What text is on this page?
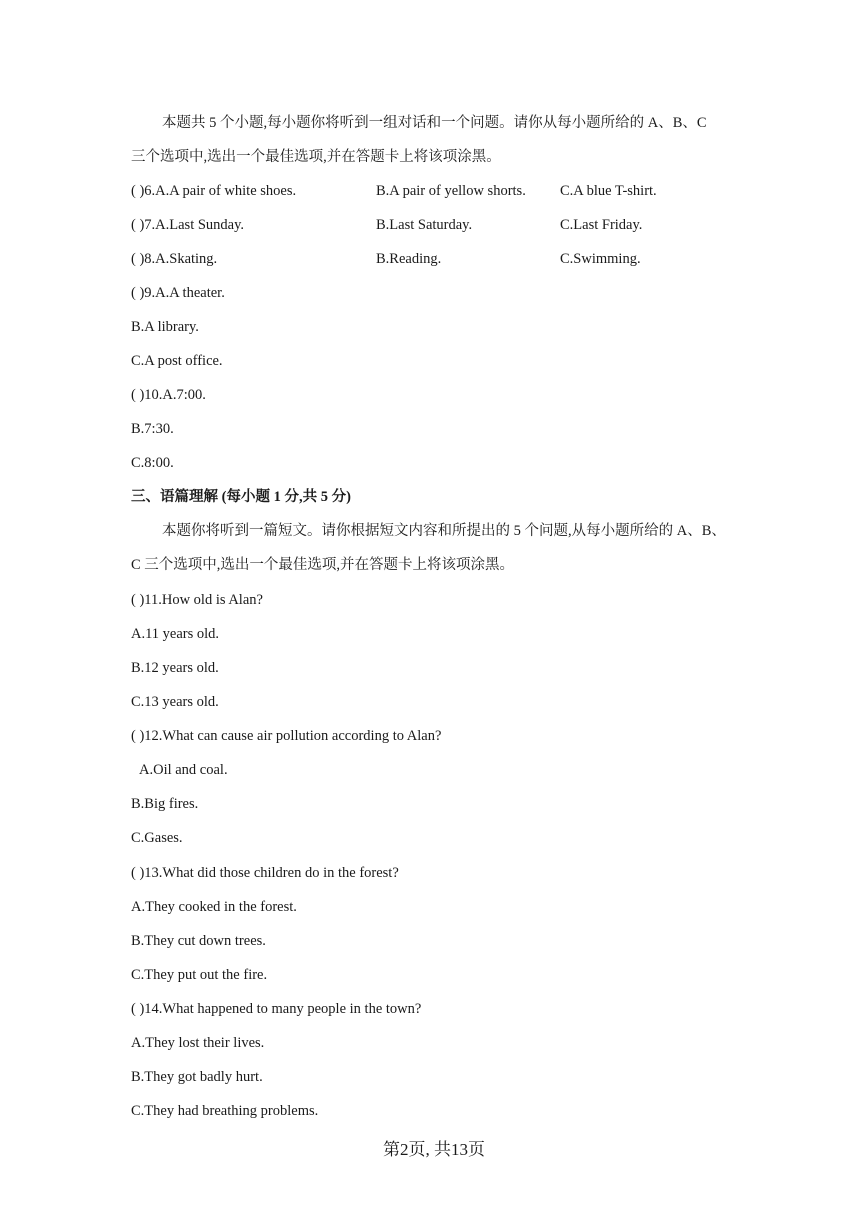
本题共 5 个小题,每小题你将听到一组对话和一个问题。请你从每小题所给的 A、B、C
三个选项中,选出一个最佳选项,并在答题卡上将该项涂黑。
( )6.A.A pair of white shoes.	B.A pair of yellow shorts. C.A blue T-shirt.
( )7.A.Last Sunday.	B.Last Saturday.	C.Last Friday.
( )8.A.Skating.	B.Reading.	C.Swimming.
( )9.A.A theater.
B.A library.
C.A post office.
( )10.A.7:00.
B.7:30.
C.8:00.
三、语篇理解 (每小题 1 分,共 5 分)
本题你将听到一篇短文。请你根据短文内容和所提出的 5 个问题,从每小题所给的 A、B、
C 三个选项中,选出一个最佳选项,并在答题卡上将该项涂黑。
( )11.How old is Alan?
A.11 years old.
B.12 years old.
C.13 years old.
( )12.What can cause air pollution according to Alan?
A.Oil and coal.
B.Big fires.
C.Gases.
( )13.What did those children do in the forest?
A.They cooked in the forest.
B.They cut down trees.
C.They put out the fire.
( )14.What happened to many people in the town?
A.They lost their lives.
B.They got badly hurt.
C.They had breathing problems.
第2页, 共13页
